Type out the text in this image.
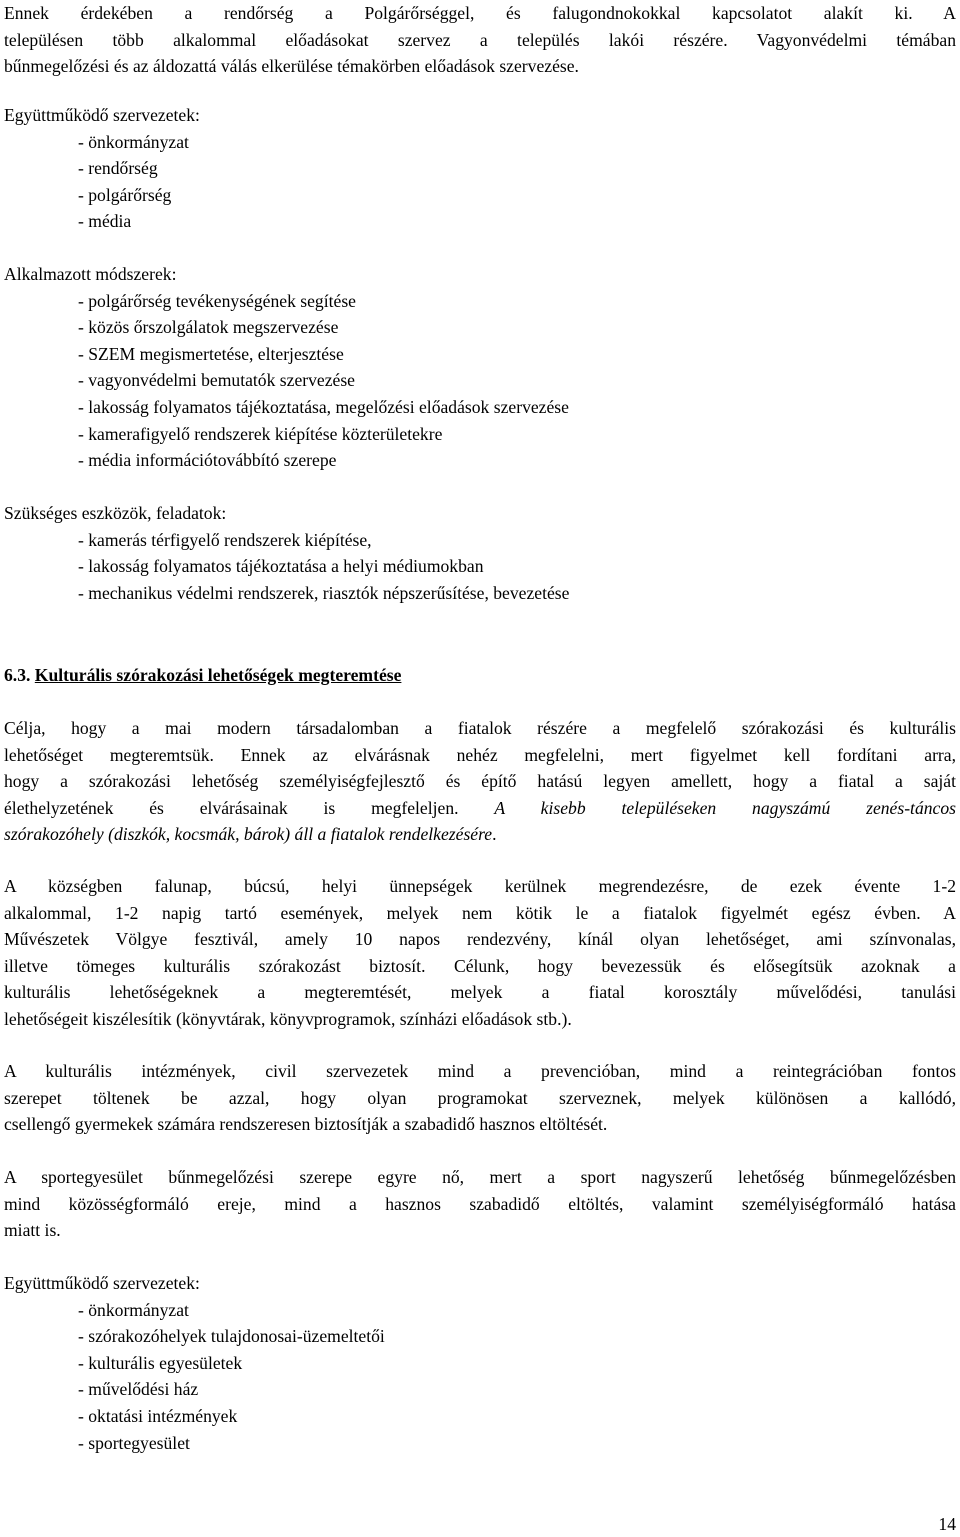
Ennek érdekében a rendőrség a Polgárőrséggel, és falugondnokokkal kapcsolatot alakít ki. A
településen több alkalommal előadásokat szervez a település lakói részére. Vagyonvédelmi témában
bűnmegelőzési és az áldozattá válás elkerülése témakörben előadások szervezése.

Együttműködő szervezetek:

- önkormányzat
- rendőrség
- polgárőrség
- média

Alkalmazott módszerek:

- polgárőrség tevékenységének segítése
- közös őrszolgálatok megszervezése
- SZEM megismertetése, elterjesztése
- vagyonvédelmi bemutatók szervezése
- lakosság folyamatos tájékoztatása, megelőzési előadások szervezése
- kamerafigyelő rendszerek kiépítése közterületekre
- média információtovábbító szerepe

Szükséges eszközök, feladatok:

- kamerás térfigyelő rendszerek kiépítése,
- lakosság folyamatos tájékoztatása a helyi médiumokban
- mechanikus védelmi rendszerek, riasztók népszerűsítése, bevezetése

6.3. Kulturális szórakozási lehetőségek megteremtése

Célja, hogy a mai modern társadalomban a fiatalok részére a megfelelő szórakozási és kulturális
lehetőséget megteremtsük. Ennek az elvárásnak nehéz megfelelni, mert figyelmet kell fordítani arra,
hogy a szórakozási lehetőség személyiségfejlesztő és építő hatású legyen amellett, hogy a fiatal a saját
élethelyzetének és elvárásainak is megfeleljen. A kisebb településeken nagyszámú zenés-táncos
szórakozóhely (diszkók, kocsmák, bárok) áll a fiatalok rendelkezésére.
A községben falunap, búcsú, helyi ünnepségek kerülnek megrendezésre, de ezek évente 1-2
alkalommal, 1-2 napig tartó események, melyek nem kötik le a fiatalok figyelmét egész évben. A
Művészetek Völgye fesztivál, amely 10 napos rendezvény, kínál olyan lehetőséget, ami színvonalas,
illetve tömeges kulturális szórakozást biztosít. Célunk, hogy bevezessük és elősegítsük azoknak a
kulturális lehetőségeknek a megteremtését, melyek a fiatal korosztály művelődési, tanulási
lehetőségeit kiszélesítik (könyvtárak, könyvprogramok, színházi előadások stb.).
A kulturális intézmények, civil szervezetek mind a prevencióban, mind a reintegrációban fontos
szerepet töltenek be azzal, hogy olyan programokat szerveznek, melyek különösen a kallódó,
csellengő gyermekek számára rendszeresen biztosítják a szabadidő hasznos eltöltését.
A sportegyesület bűnmegelőzési szerepe egyre nő, mert a sport nagyszerű lehetőség bűnmegelőzésben
mind közösségformáló ereje, mind a hasznos szabadidő eltöltés, valamint személyiségformáló hatása
miatt is.

Együttműködő szervezetek:

- önkormányzat
- szórakozóhelyek tulajdonosai-üzemeltetői
- kulturális egyesületek
- művelődési ház
- oktatási intézmények
- sportegyesület
14
